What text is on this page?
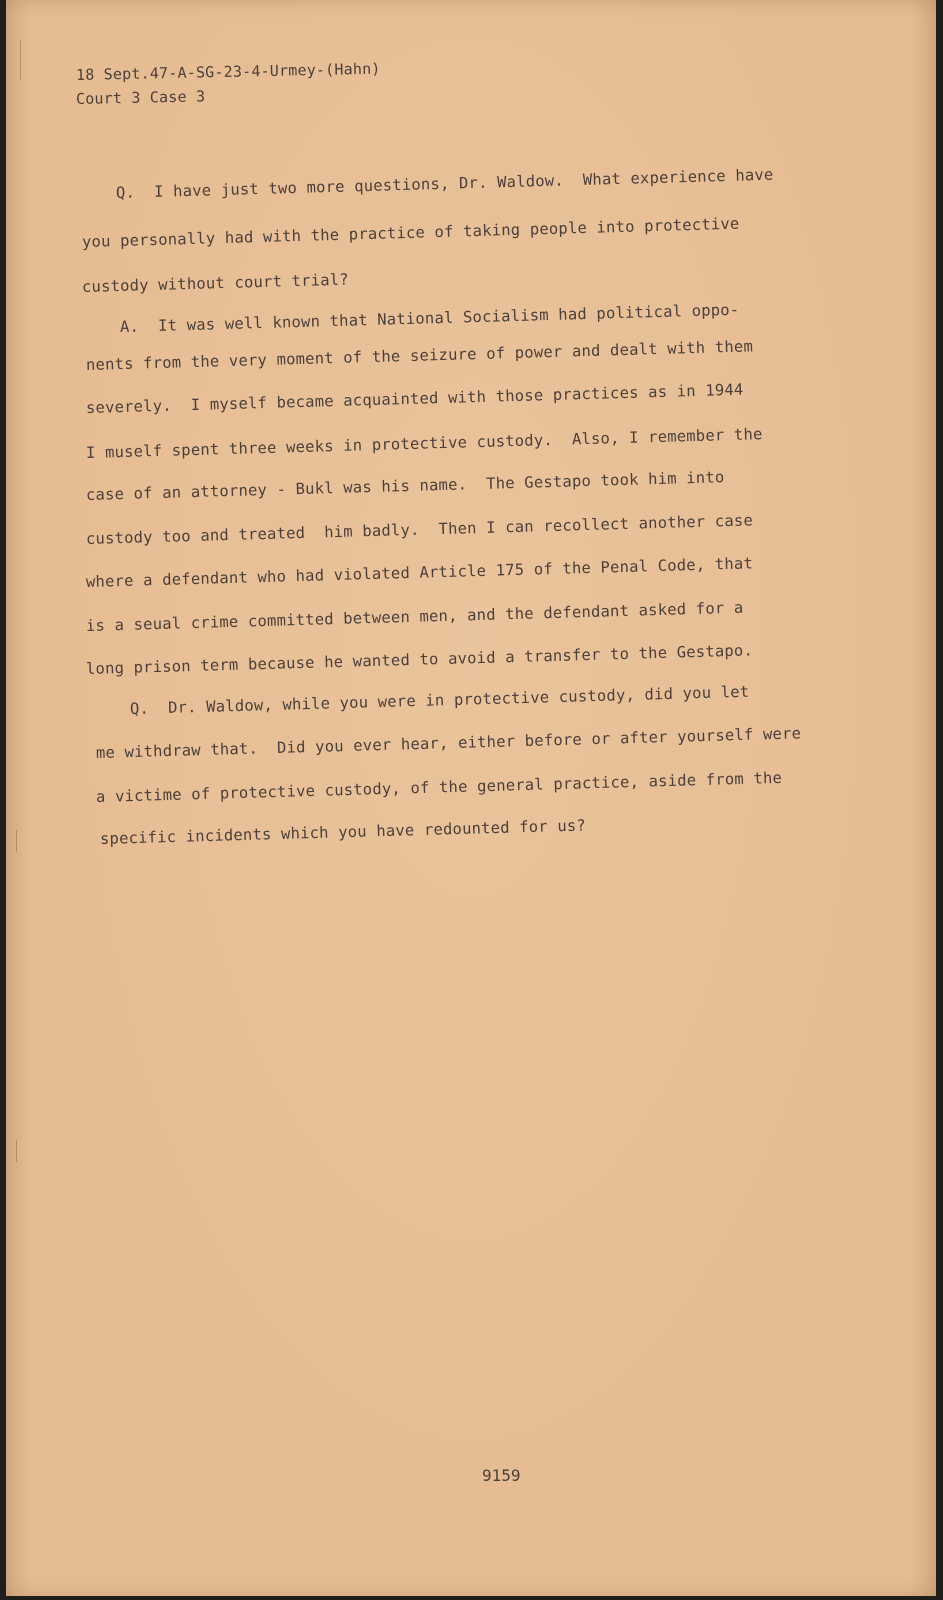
18 Sept.47-A-SG-23-4-Urmey-(Hahn)
Court 3 Case 3
Q.  I have just two more questions, Dr. Waldow.  What experience have
you personally had with the practice of taking people into protective
custody without court trial?
A.  It was well known that National Socialism had political oppo-
nents from the very moment of the seizure of power and dealt with them
severely.  I myself became acquainted with those practices as in 1944
I muself spent three weeks in protective custody.  Also, I remember the
case of an attorney - Bukl was his name.  The Gestapo took him into
custody too and treated  him badly.  Then I can recollect another case
where a defendant who had violated Article 175 of the Penal Code, that
is a seual crime committed between men, and the defendant asked for a
long prison term because he wanted to avoid a transfer to the Gestapo.
Q.  Dr. Waldow, while you were in protective custody, did you let
me withdraw that.  Did you ever hear, either before or after yourself were
a victime of protective custody, of the general practice, aside from the
specific incidents which you have redounted for us?
9159
